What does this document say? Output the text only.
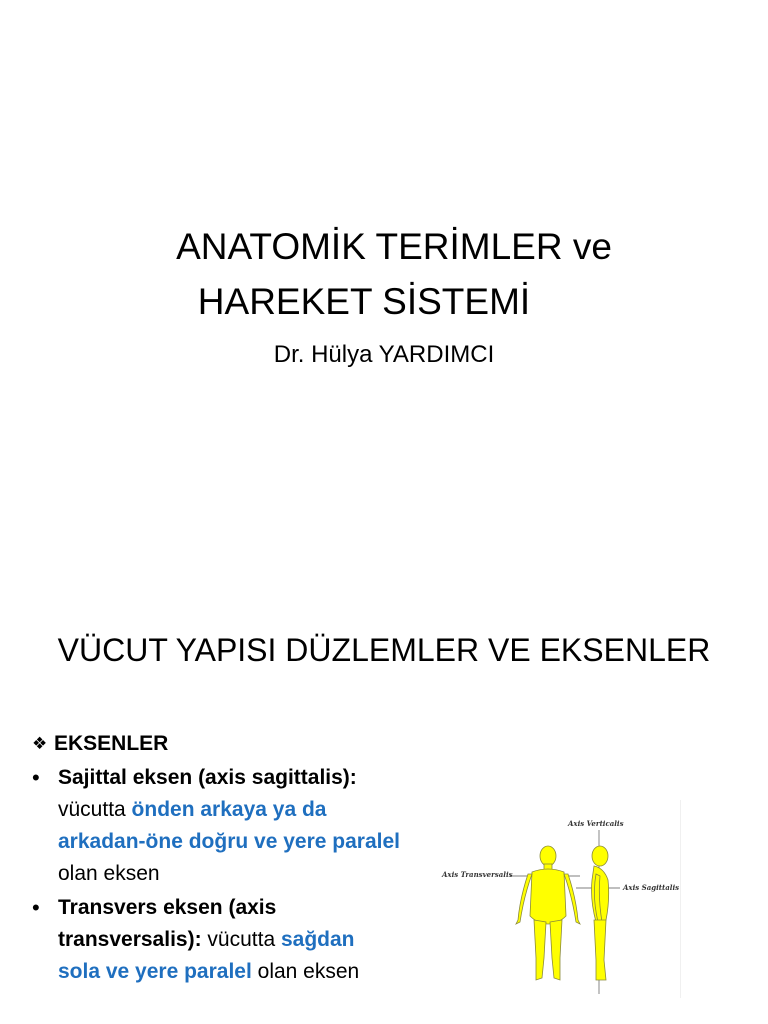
ANATOMİK TERİMLER ve
HAREKET SİSTEMİ
Dr. Hülya YARDIMCI
VÜCUT YAPISI DÜZLEMLER VE EKSENLER
❖ EKSENLER
• Sajittal eksen (axis sagittalis): vücutta önden arkaya ya da arkadan-öne doğru ve yere paralel olan eksen
• Transvers eksen (axis transversalis): vücutta sağdan sola ve yere paralel olan eksen
Axis Verticalis
Axis Transversalis
Axis Sagittalis
